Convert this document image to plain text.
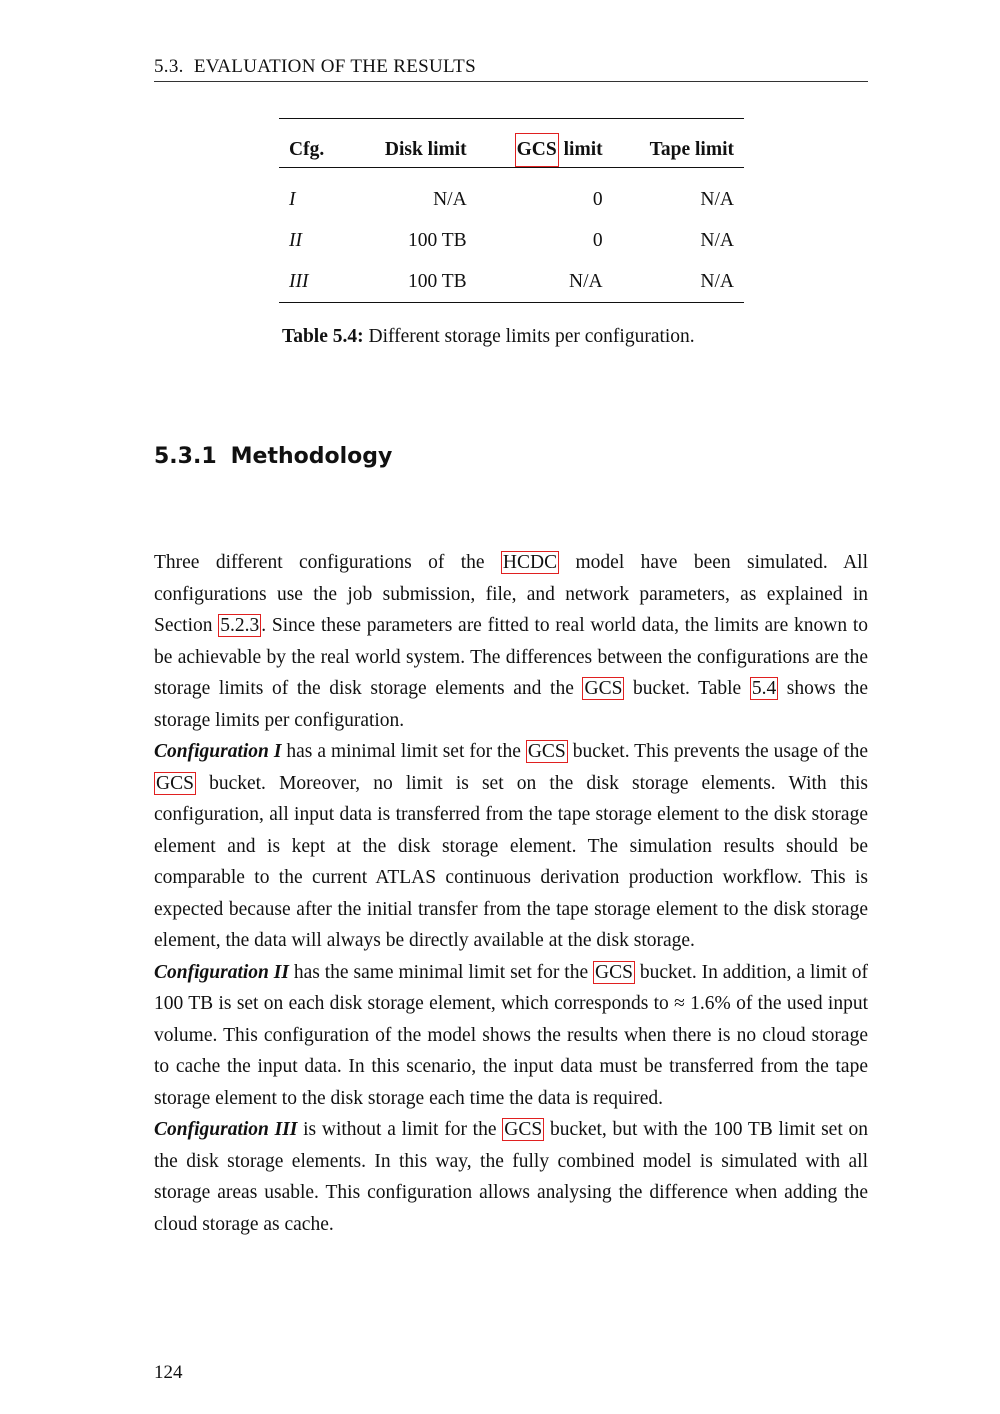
5.3. EVALUATION OF THE RESULTS
Cfg.	Disk limit	GCS limit	Tape limit
I	N/A	0	N/A
II	100 TB	0	N/A
III	100 TB	N/A	N/A
Table 5.4: Different storage limits per configuration.
5.3.1 Methodology

Three different configurations of the HCDC model have been simulated. All configurations use the job submission, file, and network parameters, as explained in Section 5.2.3 . Since these parameters are fitted to real world data, the limits are known to be achievable by the real world system. The differences between the configurations are the storage limits of the disk storage elements and the GCS bucket. Table 5.4 shows the storage limits per configuration.

Configuration I has a minimal limit set for the GCS bucket. This prevents the usage of the GCS bucket. Moreover, no limit is set on the disk storage elements. With this configuration, all input data is transferred from the tape storage element to the disk storage element and is kept at the disk storage element. The simulation results should be comparable to the current ATLAS continuous derivation production workflow. This is expected because after the initial transfer from the tape storage element to the disk storage element, the data will always be directly available at the disk storage.

Configuration II has the same minimal limit set for the GCS bucket. In addition, a limit of 100 TB is set on each disk storage element, which corresponds to ≈ 1.6% of the used input volume. This configuration of the model shows the results when there is no cloud storage to cache the input data. In this scenario, the input data must be transferred from the tape storage element to the disk storage each time the data is required.

Configuration III is without a limit for the GCS bucket, but with the 100 TB limit set on the disk storage elements. In this way, the fully combined model is simulated with all storage areas usable. This configuration allows analysing the difference when adding the cloud storage as cache.

124
